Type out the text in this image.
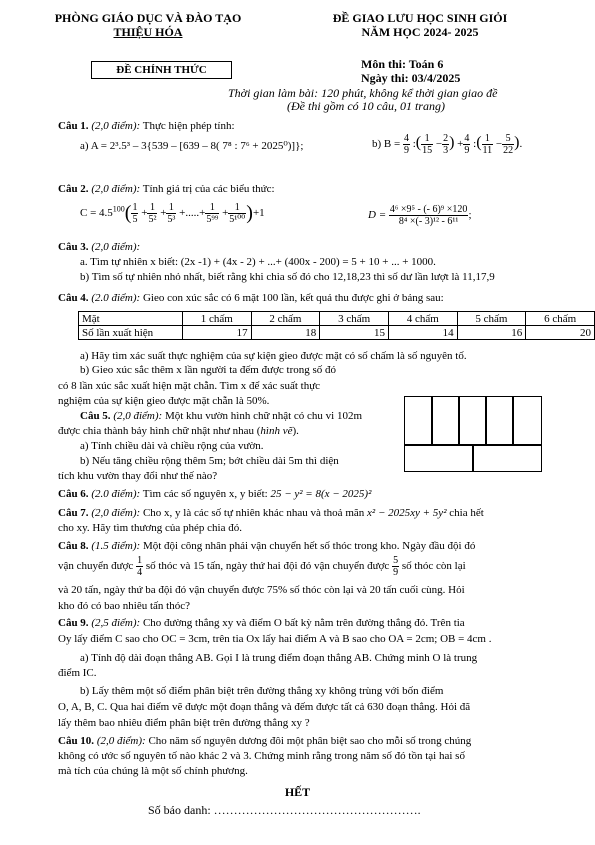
PHÒNG GIÁO DỤC VÀ ĐÀO TẠO
THIỆU HÓA
ĐỀ GIAO LƯU HỌC SINH GIỎI
NĂM HỌC 2024- 2025
ĐỀ CHÍNH THỨC	Môn thi: Toán 6
Ngày thi: 03/4/2025
Thời gian làm bài: 120 phút, không kể thời gian giao đề
(Đề thi gồm có 10 câu, 01 trang)
Câu 1. (2,0 điểm): Thực hiện phép tính:
a) A = 2³.5³ – 3{539 – [639 – 8( 7⁸ : 7⁶ + 2025⁰)]};	b) $B = \frac{4}{9}$ :( $\frac{1}{15} - \frac{2}{3}$ ) + $\frac{4}{9}$ :( $\frac{1}{11} - \frac{5}{22}$ ).
Câu 2. (2,0 điểm): Tính giá trị của các biểu thức:
$C = 4.5^{100}( \frac{1}{5} + \frac{1}{\text{5²}} + \frac{1}{\text{5³}}$ +.....+ $\frac{1}{\text{5⁹⁹}} + \frac{1}{\text{5¹⁰⁰}} )+1$	$D = \frac{\text{4⁶ ×9⁵ - (- 6)⁹ ×120}}{\text{8⁴ ×(- 3)¹² - 6¹¹}}$ ;
Câu 3. (2,0 điểm):
a. Tìm tự nhiên x biết: (2x -1) + (4x - 2) + ...+ (400x - 200) = 5 + 10 + ... + 1000.
b) Tìm số tự nhiên nhỏ nhất, biết rằng khi chia số đó cho 12,18,23 thì số dư lần lượt là 11,17,9
Câu 4. (2.0 điểm): Gieo con xúc sắc có 6 mặt 100 lần, kết quả thu được ghi ở bảng sau:
Mặt	1 chấm	2 chấm	3 chấm	4 chấm	5 chấm	6 chấm
Số lần xuất hiện	17	18	15	14	16	20
a) Hãy tìm xác suất thực nghiệm của sự kiện gieo được mặt có số chấm là số nguyên tố.
b) Gieo xúc sắc thêm x lần người ta đếm được trong số đó
có 8 lần xúc sắc xuất hiện mặt chẵn. Tìm x để xác suất thực
nghiệm của sự kiện gieo được mặt chẵn là 50%.
Câu 5. (2,0 điểm): Một khu vườn hình chữ nhật có chu vi 102m
được chia thành bảy hình chữ nhật như nhau (hình vẽ).
a) Tính chiều dài và chiều rộng của vườn.
b) Nếu tăng chiều rộng thêm 5m; bớt chiều dài 5m thì diện
tích khu vườn thay đổi như thế nào?
Câu 6. (2.0 điểm): Tìm các số nguyên x, y biết: 25 − y² = 8(x − 2025)²
Câu 7. (2,0 điểm): Cho x, y là các số tự nhiên khác nhau và thoả mãn x² − 2025xy + 5y² chia hết
cho xy. Hãy tìm thương của phép chia đó.
Câu 8. (1.5 điểm): Một đội công nhân phải vận chuyển hết số thóc trong kho. Ngày đầu đội đó
vận chuyển được $\frac{1}{4}$ số thóc và 15 tấn, ngày thứ hai đội đó vận chuyển được $\frac{5}{9}$ số thóc còn lại
và 20 tấn, ngày thứ ba đội đó vận chuyển được 75% số thóc còn lại và 20 tấn cuối cùng. Hỏi
kho đó có bao nhiêu tấn thóc?
Câu 9. (2,5 điểm): Cho đường thẳng xy và điểm O bất kỳ nằm trên đường thẳng đó. Trên tia
Oy lấy điểm C sao cho OC = 3cm, trên tia Ox lấy hai điểm A và B sao cho OA = 2cm; OB = 4cm .
a) Tính độ dài đoạn thẳng AB. Gọi I là trung điểm đoạn thẳng AB. Chứng minh O là trung
điểm IC.
b) Lấy thêm một số điểm phân biệt trên đường thẳng xy không trùng với bốn điểm
O, A, B, C. Qua hai điểm vẽ được một đoạn thẳng và đếm được tất cả 630 đoạn thẳng. Hỏi đã
lấy thêm bao nhiêu điểm phân biệt trên đường thẳng xy ?
Câu 10. (2,0 điểm): Cho năm số nguyên dương đôi một phân biệt sao cho mỗi số trong chúng
không có ước số nguyên tố nào khác 2 và 3. Chứng minh rằng trong năm số đó tồn tại hai số
mà tích của chúng là một số chính phương.
HẾT
Số báo danh: …………………………………………….
